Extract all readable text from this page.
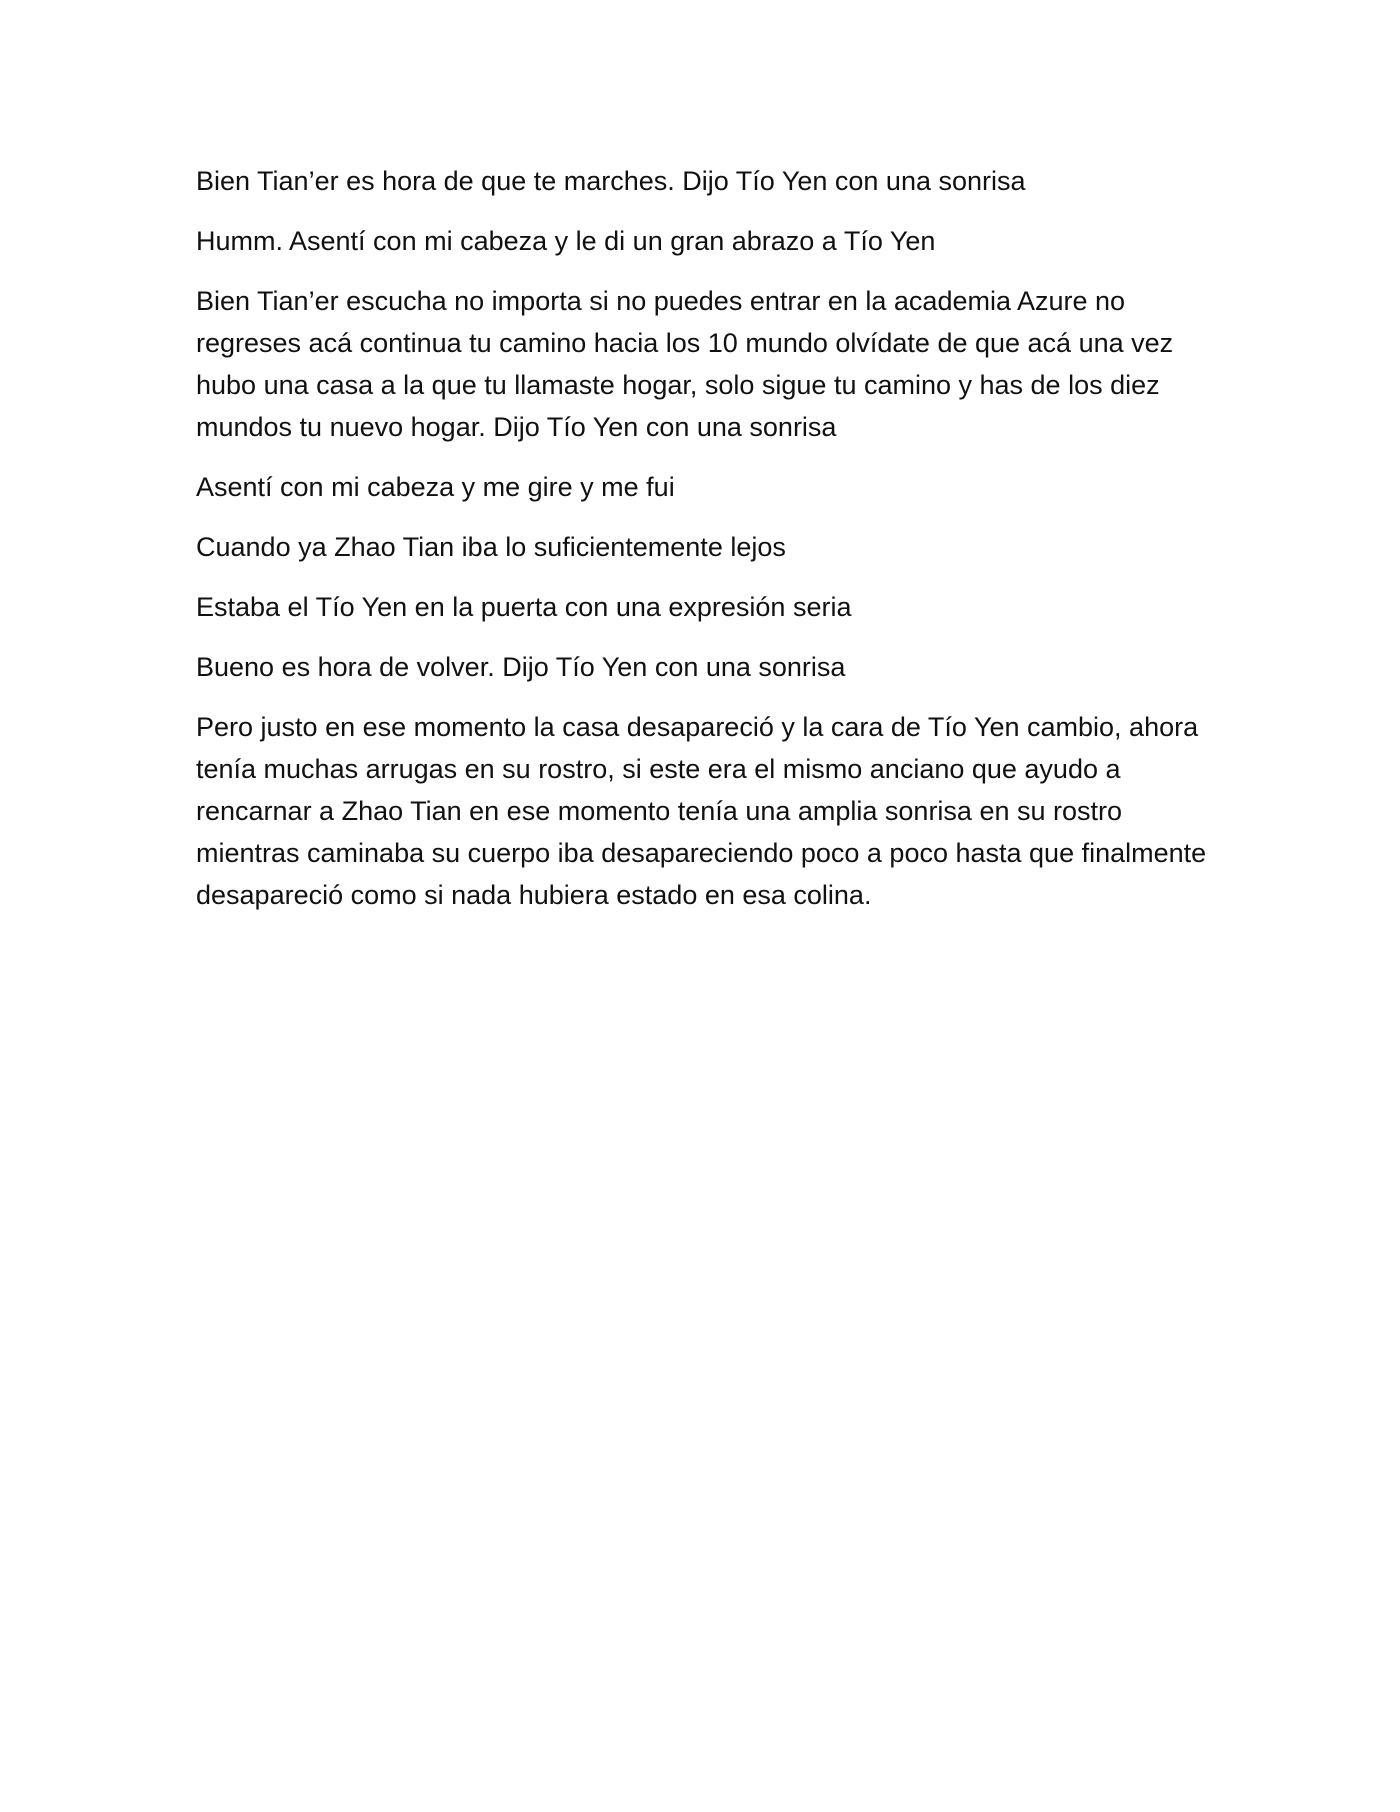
Bien Tian’er es hora de que te marches. Dijo Tío Yen con una sonrisa

Humm. Asentí con mi cabeza y le di un gran abrazo a Tío Yen

Bien Tian’er escucha no importa si no puedes entrar en la academia Azure no regreses acá continua tu camino hacia los 10 mundo olvídate de que acá una vez hubo una casa a la que tu llamaste hogar, solo sigue tu camino y has de los diez mundos tu nuevo hogar. Dijo Tío Yen con una sonrisa

Asentí con mi cabeza y me gire y me fui

Cuando ya Zhao Tian iba lo suficientemente lejos

Estaba el Tío Yen en la puerta con una expresión seria

Bueno es hora de volver. Dijo Tío Yen con una sonrisa

Pero justo en ese momento la casa desapareció y la cara de Tío Yen cambio, ahora tenía muchas arrugas en su rostro, si este era el mismo anciano que ayudo a rencarnar a Zhao Tian en ese momento tenía una amplia sonrisa en su rostro mientras caminaba su cuerpo iba desapareciendo poco a poco hasta que finalmente desapareció como si nada hubiera estado en esa colina.
